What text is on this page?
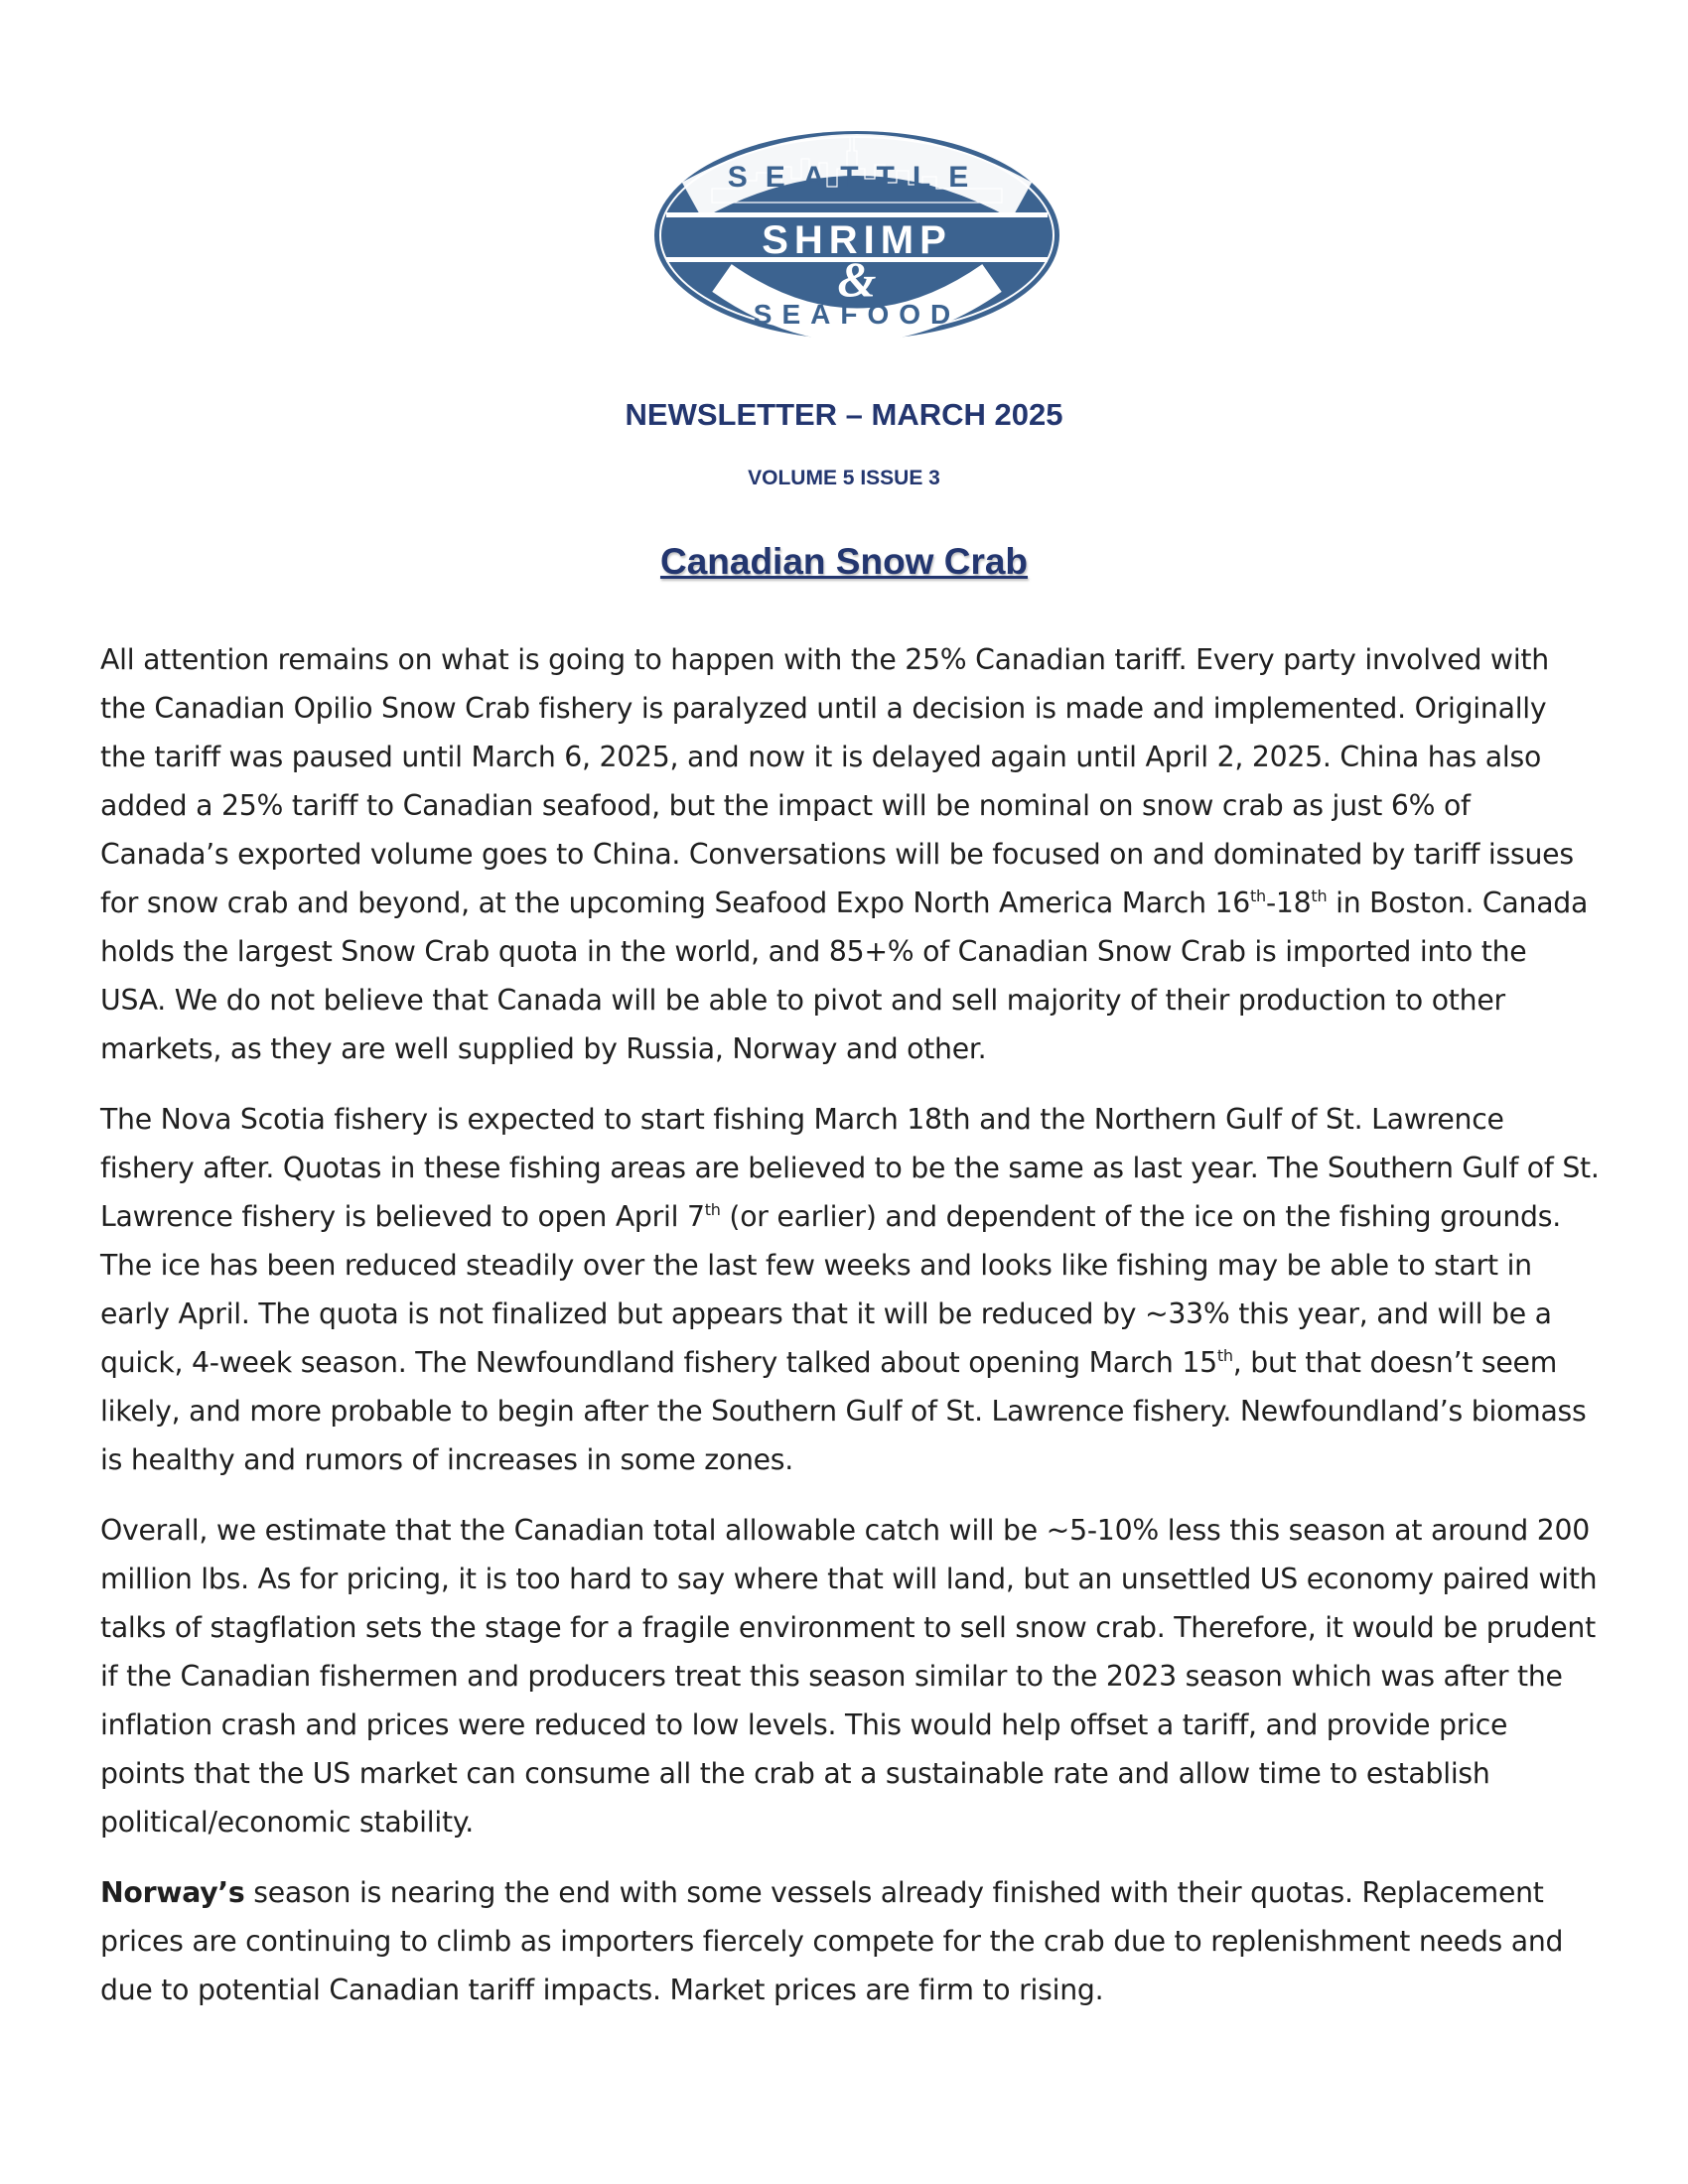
SEATTLE
SHRIMP
&
SEAFOOD
NEWSLETTER – MARCH 2025
VOLUME 5 ISSUE 3
Canadian Snow Crab

All attention remains on what is going to happen with the 25% Canadian tariff. Every party involved with the Canadian Opilio Snow Crab fishery is paralyzed until a decision is made and implemented. Originally the tariff was paused until March 6, 2025, and now it is delayed again until April 2, 2025. China has also added a 25% tariff to Canadian seafood, but the impact will be nominal on snow crab as just 6% of Canada’s exported volume goes to China. Conversations will be focused on and dominated by tariff issues for snow crab and beyond, at the upcoming Seafood Expo North America March 16th-18th in Boston. Canada holds the largest Snow Crab quota in the world, and 85+% of Canadian Snow Crab is imported into the USA. We do not believe that Canada will be able to pivot and sell majority of their production to other markets, as they are well supplied by Russia, Norway and other.

The Nova Scotia fishery is expected to start fishing March 18th and the Northern Gulf of St. Lawrence fishery after. Quotas in these fishing areas are believed to be the same as last year. The Southern Gulf of St. Lawrence fishery is believed to open April 7th (or earlier) and dependent of the ice on the fishing grounds. The ice has been reduced steadily over the last few weeks and looks like fishing may be able to start in early April. The quota is not finalized but appears that it will be reduced by ~33% this year, and will be a quick, 4-week season. The Newfoundland fishery talked about opening March 15th, but that doesn’t seem likely, and more probable to begin after the Southern Gulf of St. Lawrence fishery. Newfoundland’s biomass is healthy and rumors of increases in some zones.

Overall, we estimate that the Canadian total allowable catch will be ~5-10% less this season at around 200 million lbs. As for pricing, it is too hard to say where that will land, but an unsettled US economy paired with talks of stagflation sets the stage for a fragile environment to sell snow crab. Therefore, it would be prudent if the Canadian fishermen and producers treat this season similar to the 2023 season which was after the inflation crash and prices were reduced to low levels. This would help offset a tariff, and provide price points that the US market can consume all the crab at a sustainable rate and allow time to establish political/economic stability.

Norway’s season is nearing the end with some vessels already finished with their quotas. Replacement prices are continuing to climb as importers fiercely compete for the crab due to replenishment needs and due to potential Canadian tariff impacts. Market prices are firm to rising.
